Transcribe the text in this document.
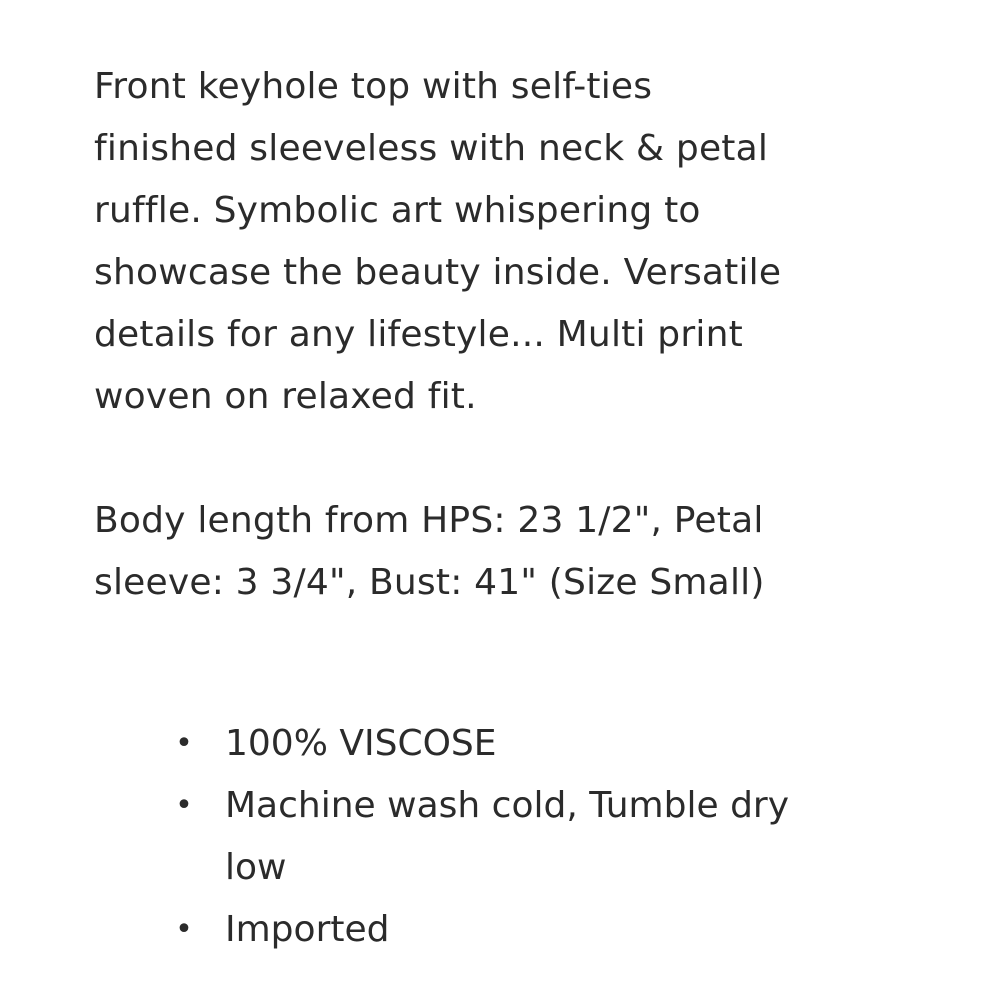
Front keyhole top with self-ties
finished sleeveless with neck & petal
ruffle. Symbolic art whispering to
showcase the beauty inside. Versatile
details for any lifestyle... Multi print
woven on relaxed fit.

Body length from HPS: 23 1/2", Petal
sleeve: 3 3/4", Bust: 41" (Size Small)

• 100% VISCOSE
• Machine wash cold, Tumble dry
low
• Imported
